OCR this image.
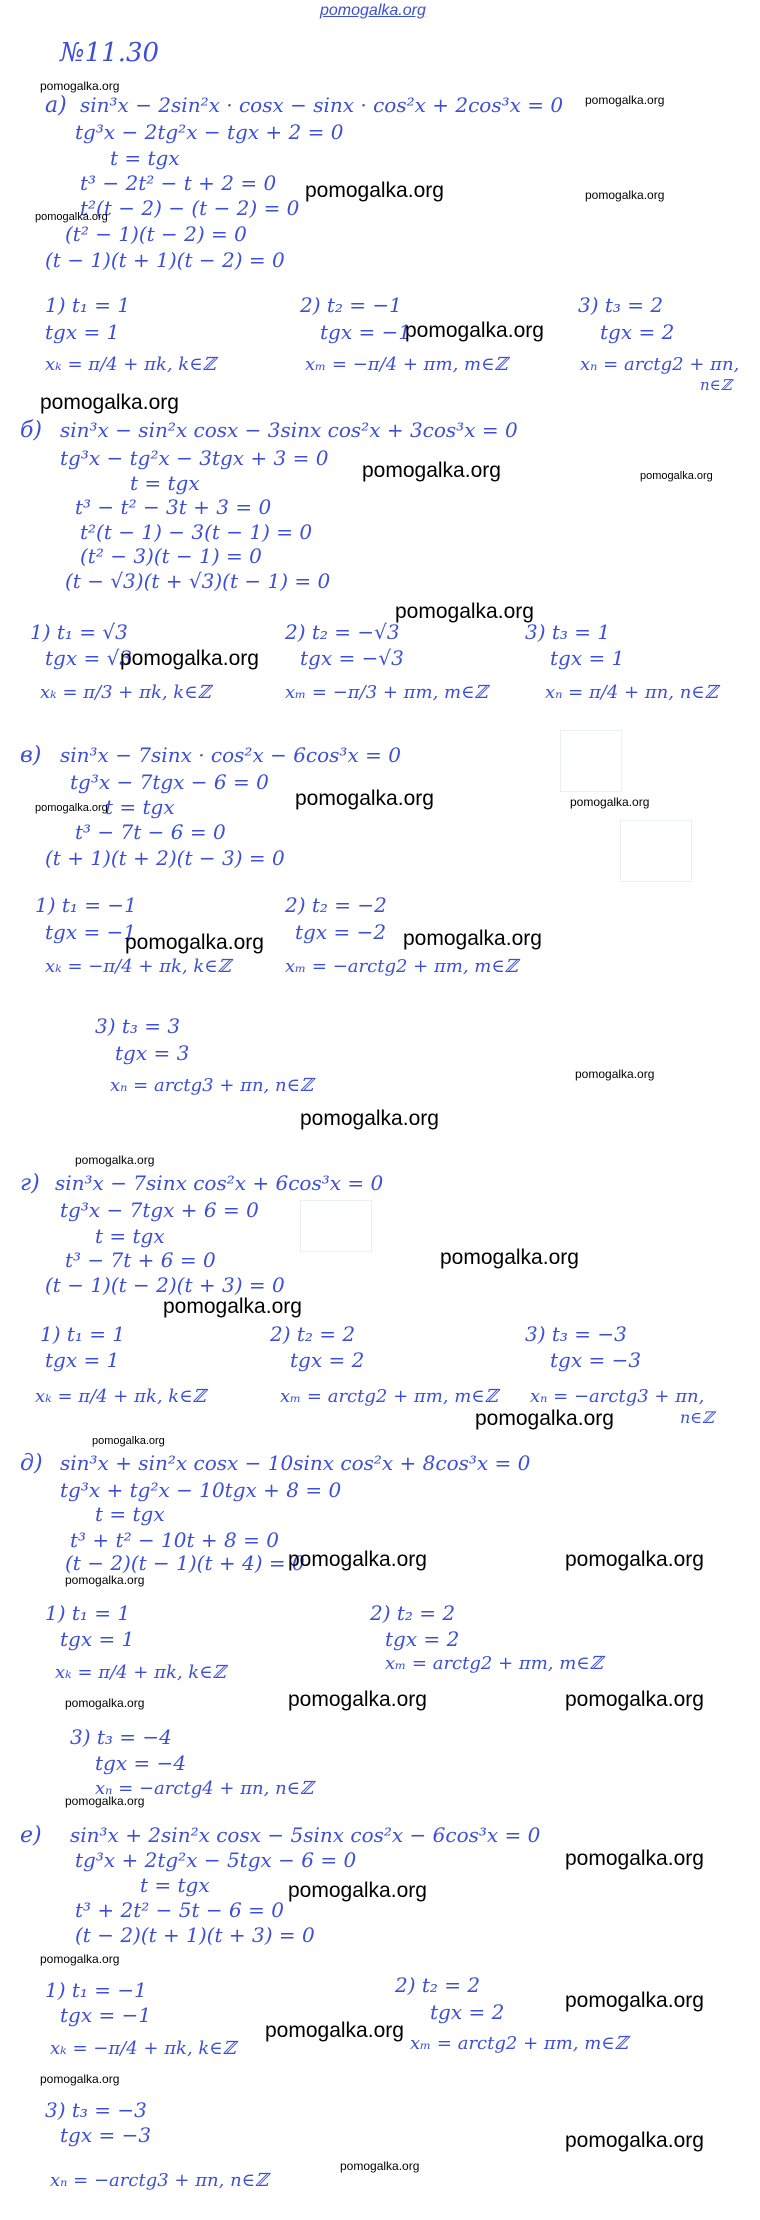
pomogalka.org
№11.30
а) sin³x − 2sin²x · cosx − sinx · cos²x + 2cos³x = 0
tg³x − 2tg²x − tgx + 2 = 0
t = tgx
t³ − 2t² − t + 2 = 0
t²(t − 2) − (t − 2) = 0
(t² − 1)(t − 2) = 0
(t − 1)(t + 1)(t − 2) = 0
1) t₁ = 1
tgx = 1
xₖ = π/4 + πk, k∈ℤ
2) t₂ = −1
tgx = −1
xₘ = −π/4 + πm, m∈ℤ
3) t₃ = 2
tgx = 2
xₙ = arctg2 + πn,
n∈ℤ
б) sin³x − sin²x cosx − 3sinx cos²x + 3cos³x = 0
tg³x − tg²x − 3tgx + 3 = 0
t = tgx
t³ − t² − 3t + 3 = 0
t²(t − 1) − 3(t − 1) = 0
(t² − 3)(t − 1) = 0
(t − √3)(t + √3)(t − 1) = 0
1) t₁ = √3
tgx = √3
xₖ = π/3 + πk, k∈ℤ
2) t₂ = −√3
tgx = −√3
xₘ = −π/3 + πm, m∈ℤ
3) t₃ = 1
tgx = 1
xₙ = π/4 + πn, n∈ℤ
в) sin³x − 7sinx · cos²x − 6cos³x = 0
tg³x − 7tgx − 6 = 0
t = tgx
t³ − 7t − 6 = 0
(t + 1)(t + 2)(t − 3) = 0
1) t₁ = −1
tgx = −1
xₖ = −π/4 + πk, k∈ℤ
2) t₂ = −2
tgx = −2
xₘ = −arctg2 + πm, m∈ℤ
3) t₃ = 3
tgx = 3
xₙ = arctg3 + πn, n∈ℤ
г) sin³x − 7sinx cos²x + 6cos³x = 0
tg³x − 7tgx + 6 = 0
t = tgx
t³ − 7t + 6 = 0
(t − 1)(t − 2)(t + 3) = 0
1) t₁ = 1
tgx = 1
xₖ = π/4 + πk, k∈ℤ
2) t₂ = 2
tgx = 2
xₘ = arctg2 + πm, m∈ℤ
3) t₃ = −3
tgx = −3
xₙ = −arctg3 + πn,
n∈ℤ
д) sin³x + sin²x cosx − 10sinx cos²x + 8cos³x = 0
tg³x + tg²x − 10tgx + 8 = 0
t = tgx
t³ + t² − 10t + 8 = 0
(t − 2)(t − 1)(t + 4) = 0
1) t₁ = 1
tgx = 1
xₖ = π/4 + πk, k∈ℤ
2) t₂ = 2
tgx = 2
xₘ = arctg2 + πm, m∈ℤ
3) t₃ = −4
tgx = −4
xₙ = −arctg4 + πn, n∈ℤ
е) sin³x + 2sin²x cosx − 5sinx cos²x − 6cos³x = 0
tg³x + 2tg²x − 5tgx − 6 = 0
t = tgx
t³ + 2t² − 5t − 6 = 0
(t − 2)(t + 1)(t + 3) = 0
1) t₁ = −1
tgx = −1
xₖ = −π/4 + πk, k∈ℤ
2) t₂ = 2
tgx = 2
xₘ = arctg2 + πm, m∈ℤ
3) t₃ = −3
tgx = −3
xₙ = −arctg3 + πn, n∈ℤ
pomogalka.org
pomogalka.org
pomogalka.org	pomogalka.org
pomogalka.org
pomogalka.org
pomogalka.org
pomogalka.org	pomogalka.org
pomogalka.org
pomogalka.org
pomogalka.org
pomogalka.org	pomogalka.org
pomogalka.org	pomogalka.org
pomogalka.org
pomogalka.org
pomogalka.org
pomogalka.org
pomogalka.org
pomogalka.org
pomogalka.org
pomogalka.org	pomogalka.org
pomogalka.org
pomogalka.org	pomogalka.org
pomogalka.org
pomogalka.org
pomogalka.org
pomogalka.org
pomogalka.org
pomogalka.org
pomogalka.org
pomogalka.org
pomogalka.org
pomogalka.org
